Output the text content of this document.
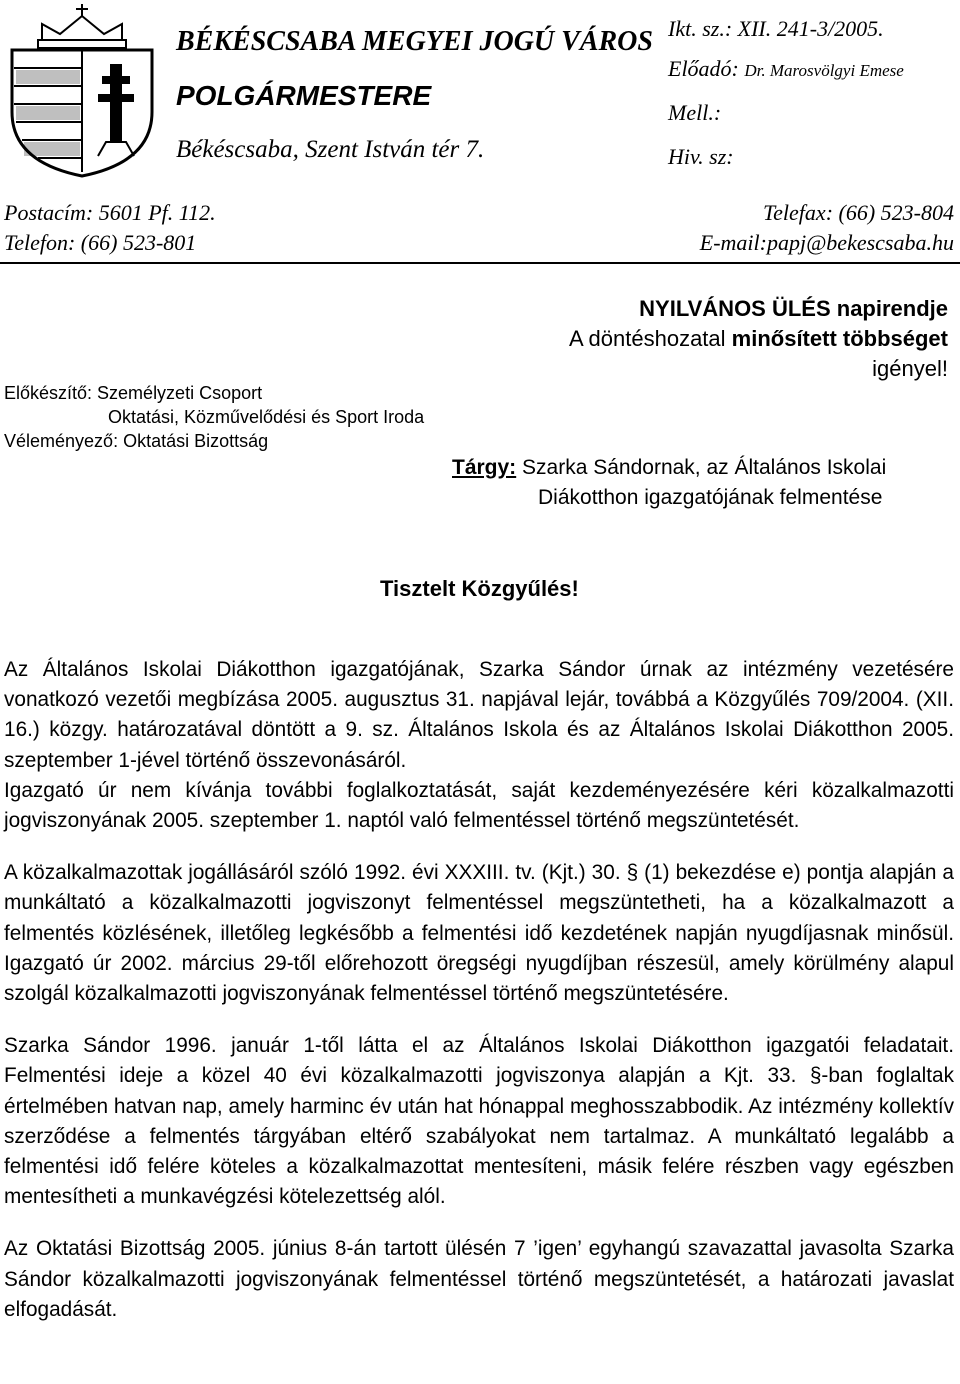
BÉKÉSCSABA MEGYEI JOGÚ VÁROS
POLGÁRMESTERE
Békéscsaba, Szent István tér 7.
Ikt. sz.: XII. 241-3/2005.
Előadó: Dr. Marosvölgyi Emese
Mell.:
Hiv. sz:
Postacím: 5601 Pf. 112.
Telefon: (66) 523-801
Telefax: (66) 523-804
E-mail:papj@bekescsaba.hu
NYILVÁNOS ÜLÉS napirendje
A döntéshozatal minősített többséget
igényel!
Előkészítő: Személyzeti Csoport
Oktatási, Közművelődési és Sport Iroda
Véleményező: Oktatási Bizottság
Tárgy: Szarka Sándornak, az Általános Iskolai
Diákotthon igazgatójának felmentése
Tisztelt Közgyűlés!

Az Általános Iskolai Diákotthon igazgatójának, Szarka Sándor úrnak az intézmény vezetésére vonatkozó vezetői megbízása 2005. augusztus 31. napjával lejár, továbbá a Közgyűlés 709/2004. (XII. 16.) közgy. határozatával döntött a 9. sz. Általános Iskola és az Általános Iskolai Diákotthon 2005. szeptember 1-jével történő összevonásáról.

Igazgató úr nem kívánja további foglalkoztatását, saját kezdeményezésére kéri közalkalmazotti jogviszonyának 2005. szeptember 1. naptól való felmentéssel történő megszüntetését.

A közalkalmazottak jogállásáról szóló 1992. évi XXXIII. tv. (Kjt.) 30. § (1) bekezdése e) pontja alapján a munkáltató a közalkalmazotti jogviszonyt felmentéssel megszüntetheti, ha a közalkalmazott a felmentés közlésének, illetőleg legkésőbb a felmentési idő kezdetének napján nyugdíjasnak minősül. Igazgató úr 2002. március 29-től előrehozott öregségi nyugdíjban részesül, amely körülmény alapul szolgál közalkalmazotti jogviszonyának felmentéssel történő megszüntetésére.

Szarka Sándor 1996. január 1-től látta el az Általános Iskolai Diákotthon igazgatói feladatait. Felmentési ideje a közel 40 évi közalkalmazotti jogviszonya alapján a Kjt. 33. §-ban foglaltak értelmében hatvan nap, amely harminc év után hat hónappal meghosszabbodik. Az intézmény kollektív szerződése a felmentés tárgyában eltérő szabályokat nem tartalmaz. A munkáltató legalább a felmentési idő felére köteles a közalkalmazottat mentesíteni, másik felére részben vagy egészben mentesítheti a munkavégzési kötelezettség alól.

Az Oktatási Bizottság 2005. június 8-án tartott ülésén 7 ’igen’ egyhangú szavazattal javasolta Szarka Sándor közalkalmazotti jogviszonyának felmentéssel történő megszüntetését, a határozati javaslat elfogadását.
